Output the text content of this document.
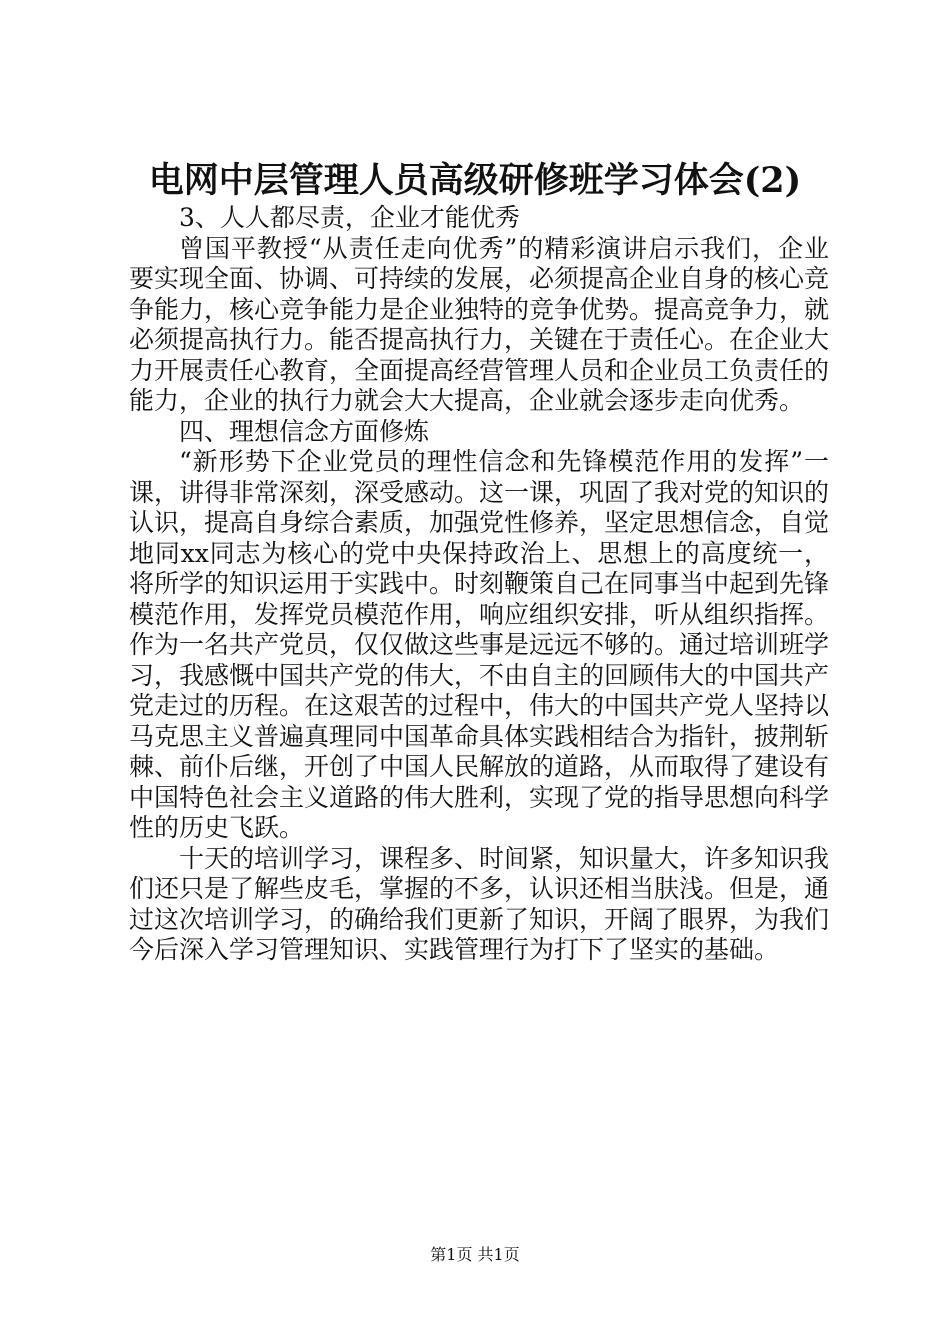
电网中层管理人员高级研修班学习体会(2)

3、人人都尽责，企业才能优秀

曾国平教授“从责任走向优秀”的精彩演讲启示我们，企业要实现全面、协调、可持续的发展，必须提高企业自身的核心竞争能力，核心竞争能力是企业独特的竞争优势。提高竞争力，就必须提高执行力。能否提高执行力，关键在于责任心。在企业大力开展责任心教育，全面提高经营管理人员和企业员工负责任的能力，企业的执行力就会大大提高，企业就会逐步走向优秀。

四、理想信念方面修炼

“新形势下企业党员的理性信念和先锋模范作用的发挥”一课，讲得非常深刻，深受感动。这一课，巩固了我对党的知识的认识，提高自身综合素质，加强党性修养，坚定思想信念，自觉地同xx同志为核心的党中央保持政治上、思想上的高度统一，将所学的知识运用于实践中。时刻鞭策自己在同事当中起到先锋模范作用，发挥党员模范作用，响应组织安排，听从组织指挥。作为一名共产党员，仅仅做这些事是远远不够的。通过培训班学习，我感慨中国共产党的伟大，不由自主的回顾伟大的中国共产党走过的历程。在这艰苦的过程中，伟大的中国共产党人坚持以马克思主义普遍真理同中国革命具体实践相结合为指针，披荆斩棘、前仆后继，开创了中国人民解放的道路，从而取得了建设有中国特色社会主义道路的伟大胜利，实现了党的指导思想向科学性的历史飞跃。

十天的培训学习，课程多、时间紧，知识量大，许多知识我们还只是了解些皮毛，掌握的不多，认识还相当肤浅。但是，通过这次培训学习，的确给我们更新了知识，开阔了眼界，为我们今后深入学习管理知识、实践管理行为打下了坚实的基础。

第1页 共1页
